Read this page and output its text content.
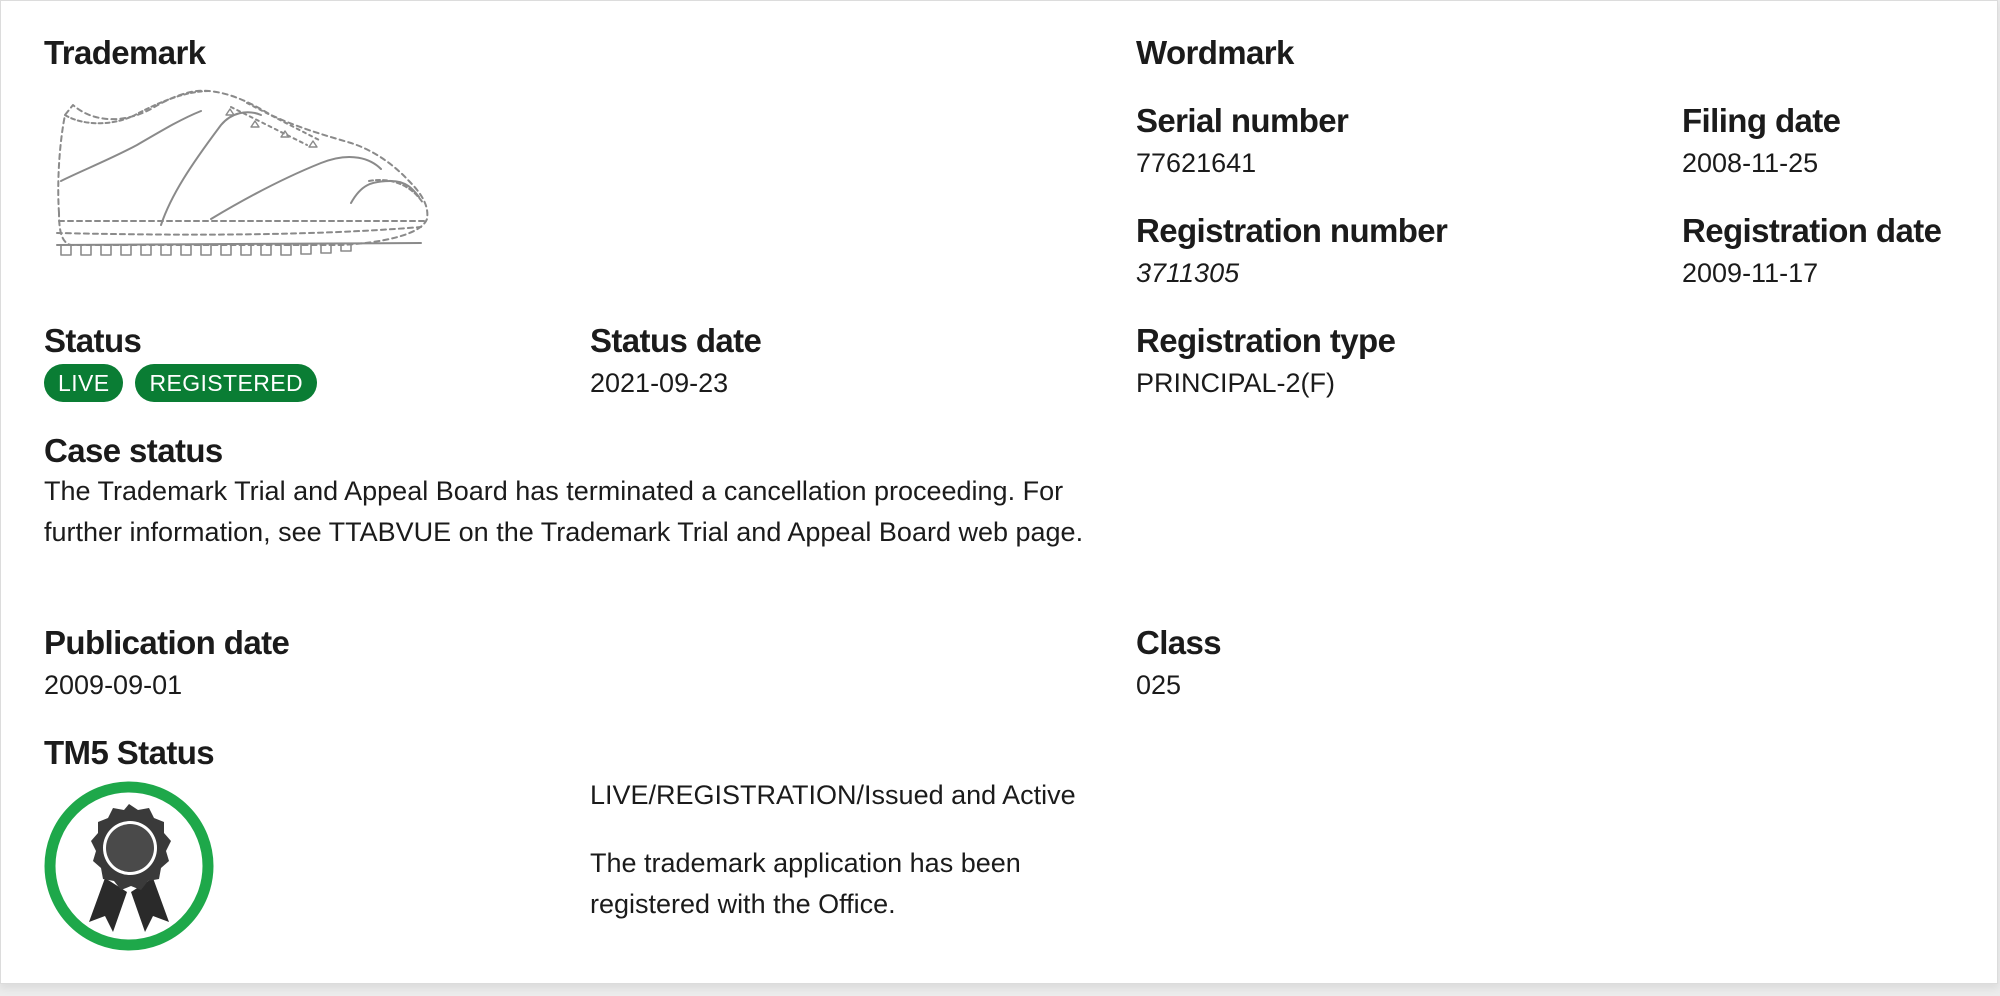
Trademark	Wordmark
Serial number

77621641

Filing date

2008-11-25

Registration number

3711305

Registration date

2009-11-17

Status
LIVE REGISTERED
Status date

2021-09-23

Registration type

PRINCIPAL-2(F)

Case status

The Trademark Trial and Appeal Board has terminated a cancellation proceeding. For further information, see TTABVUE on the Trademark Trial and Appeal Board web page.

Publication date

2009-09-01

Class

025

TM5 Status

LIVE/REGISTRATION/Issued and Active

The trademark application has been registered with the Office.
